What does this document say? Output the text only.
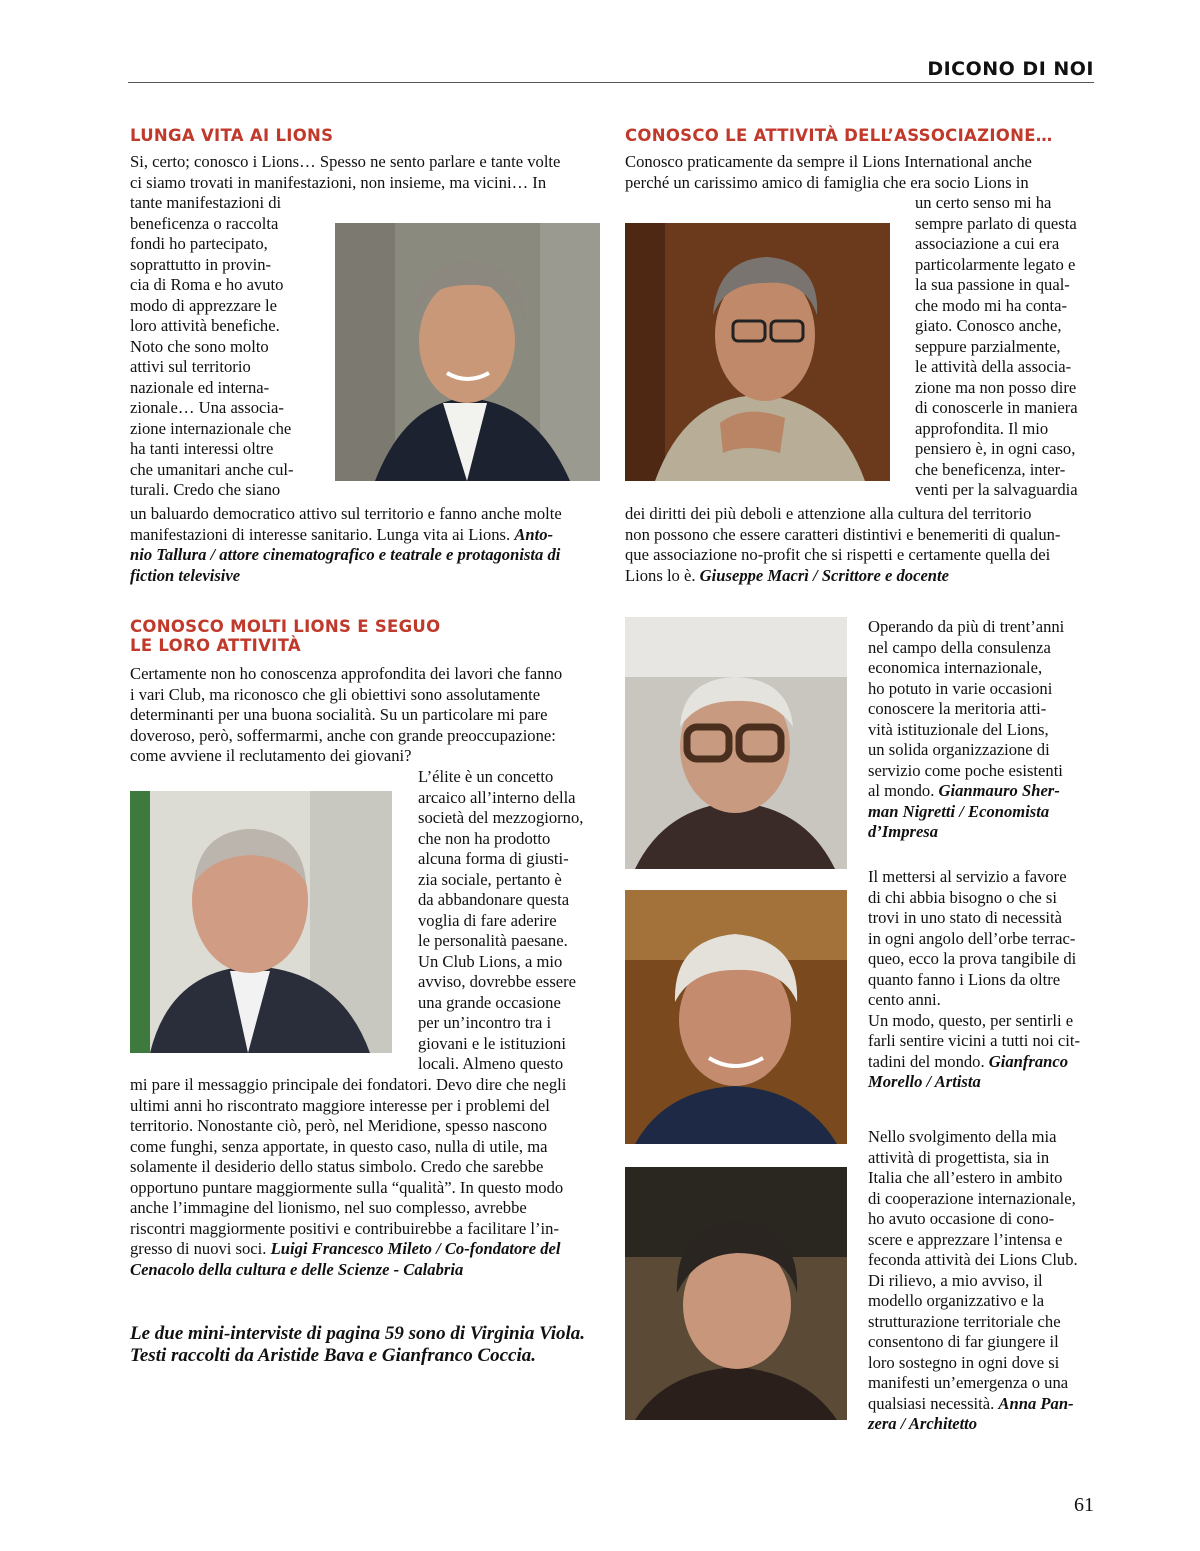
DICONO DI NOI
LUNGA VITA AI LIONS

Si, certo; conosco i Lions… Spesso ne sento parlare e tante volte

ci siamo trovati in manifestazioni, non insieme, ma vicini… In

tante manifestazioni di

beneficenza o raccolta

fondi ho partecipato,

soprattutto in provin-

cia di Roma e ho avuto

modo di apprezzare le

loro attività benefiche.

Noto che sono molto

attivi sul territorio

nazionale ed interna-

zionale… Una associa-

zione internazionale che

ha tanti interessi oltre

che umanitari anche cul-

turali. Credo che siano

un baluardo democratico attivo sul territorio e fanno anche molte

manifestazioni di interesse sanitario. Lunga vita ai Lions. Anto-

nio Tallura / attore cinematografico e teatrale e protagonista di

fiction televisive

CONOSCO LE ATTIVITÀ DELL’ASSOCIAZIONE…

Conosco praticamente da sempre il Lions International anche

perché un carissimo amico di famiglia che era socio Lions in

un certo senso mi ha

sempre parlato di questa

associazione a cui era

particolarmente legato e

la sua passione in qual-

che modo mi ha conta-

giato. Conosco anche,

seppure parzialmente,

le attività della associa-

zione ma non posso dire

di conoscerle in maniera

approfondita. Il mio

pensiero è, in ogni caso,

che beneficenza, inter-

venti per la salvaguardia

dei diritti dei più deboli e attenzione alla cultura del territorio

non possono che essere caratteri distintivi e benemeriti di qualun-

que associazione no-profit che si rispetti e certamente quella dei

Lions lo è. Giuseppe Macrì / Scrittore e docente

CONOSCO MOLTI LIONS E SEGUO
LE LORO ATTIVITÀ

Certamente non ho conoscenza approfondita dei lavori che fanno

i vari Club, ma riconosco che gli obiettivi sono assolutamente

determinanti per una buona socialità. Su un particolare mi pare

doveroso, però, soffermarmi, anche con grande preoccupazione:

come avviene il reclutamento dei giovani?

L’élite è un concetto

arcaico all’interno della

società del mezzogiorno,

che non ha prodotto

alcuna forma di giusti-

zia sociale, pertanto è

da abbandonare questa

voglia di fare aderire

le personalità paesane.

Un Club Lions, a mio

avviso, dovrebbe essere

una grande occasione

per un’incontro tra i

giovani e le istituzioni

locali. Almeno questo

mi pare il messaggio principale dei fondatori. Devo dire che negli

ultimi anni ho riscontrato maggiore interesse per i problemi del

territorio. Nonostante ciò, però, nel Meridione, spesso nascono

come funghi, senza apportate, in questo caso, nulla di utile, ma

solamente il desiderio dello status simbolo. Credo che sarebbe

opportuno puntare maggiormente sulla “qualità”. In questo modo

anche l’immagine del lionismo, nel suo complesso, avrebbe

riscontri maggiormente positivi e contribuirebbe a facilitare l’in-

gresso di nuovi soci. Luigi Francesco Mileto / Co-fondatore del

Cenacolo della cultura e delle Scienze - Calabria

Operando da più di trent’anni

nel campo della consulenza

economica internazionale,

ho potuto in varie occasioni

conoscere la meritoria atti-

vità istituzionale del Lions,

un solida organizzazione di

servizio come poche esistenti

al mondo. Gianmauro Sher-

man Nigretti / Economista

d’Impresa

Il mettersi al servizio a favore

di chi abbia bisogno o che si

trovi in uno stato di necessità

in ogni angolo dell’orbe terrac-

queo, ecco la prova tangibile di

quanto fanno i Lions da oltre

cento anni.

Un modo, questo, per sentirli e

farli sentire vicini a tutti noi cit-

tadini del mondo. Gianfranco

Morello / Artista

Nello svolgimento della mia

attività di progettista, sia in

Italia che all’estero in ambito

di cooperazione internazionale,

ho avuto occasione di cono-

scere e apprezzare l’intensa e

feconda attività dei Lions Club.

Di rilievo, a mio avviso, il

modello organizzativo e la

strutturazione territoriale che

consentono di far giungere il

loro sostegno in ogni dove si

manifesti un’emergenza o una

qualsiasi necessità. Anna Pan-

zera / Architetto

Le due mini-interviste di pagina 59 sono di Virginia Viola.
Testi raccolti da Aristide Bava e Gianfranco Coccia.
61
